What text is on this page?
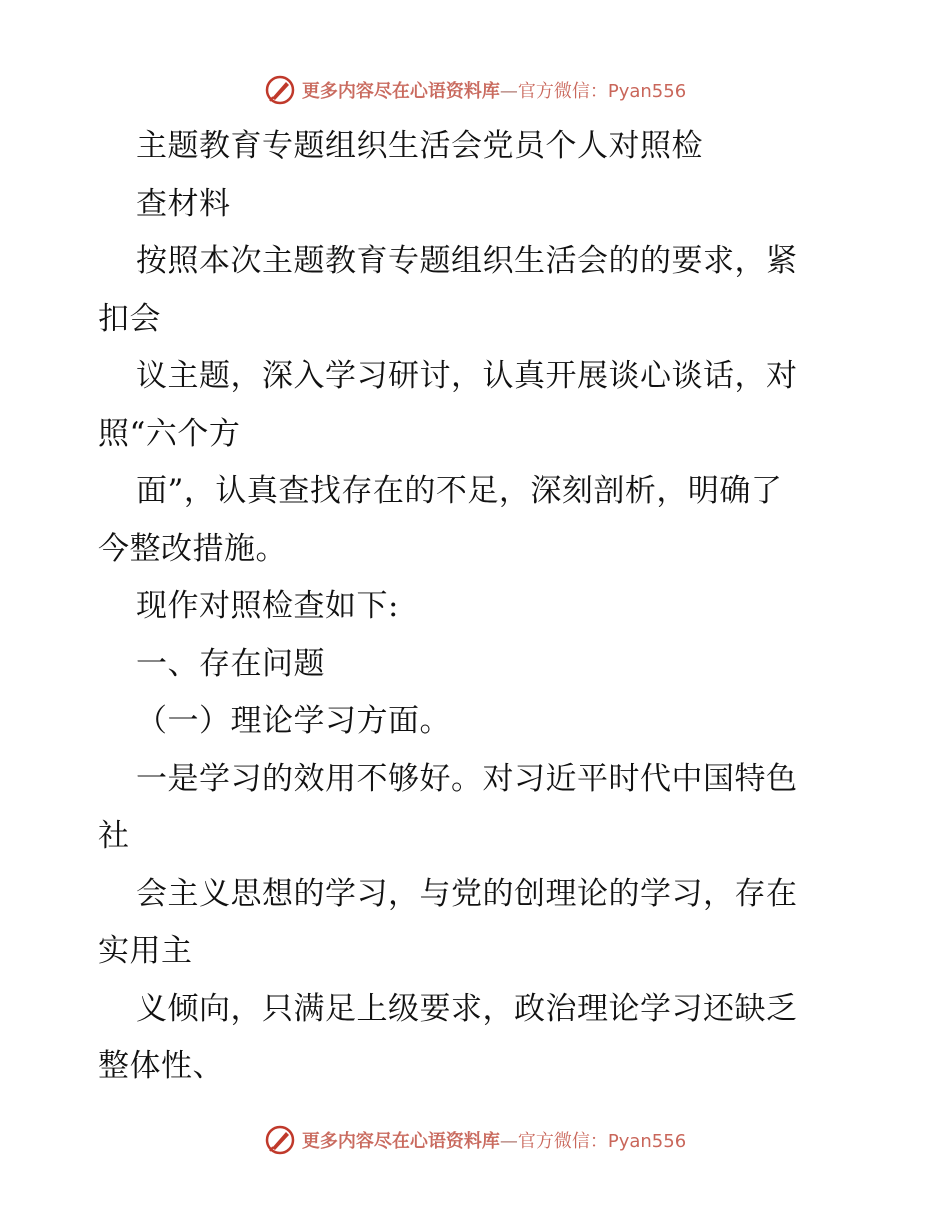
更多内容尽在心语资料库—官方微信：Pyan556
主题教育专题组织生活会党员个人对照检
查材料
按照本次主题教育专题组织生活会的的要求，紧
扣会
议主题，深入学习研讨，认真开展谈心谈话，对
照“六个方
面”，认真查找存在的不足，深刻剖析，明确了
今整改措施。
现作对照检查如下:
一、存在问题
（一）理论学习方面。
一是学习的效用不够好。对习近平时代中国特色
社
会主义思想的学习，与党的创理论的学习，存在
实用主
义倾向，只满足上级要求，政治理论学习还缺乏
整体性、
更多内容尽在心语资料库—官方微信：Pyan556
